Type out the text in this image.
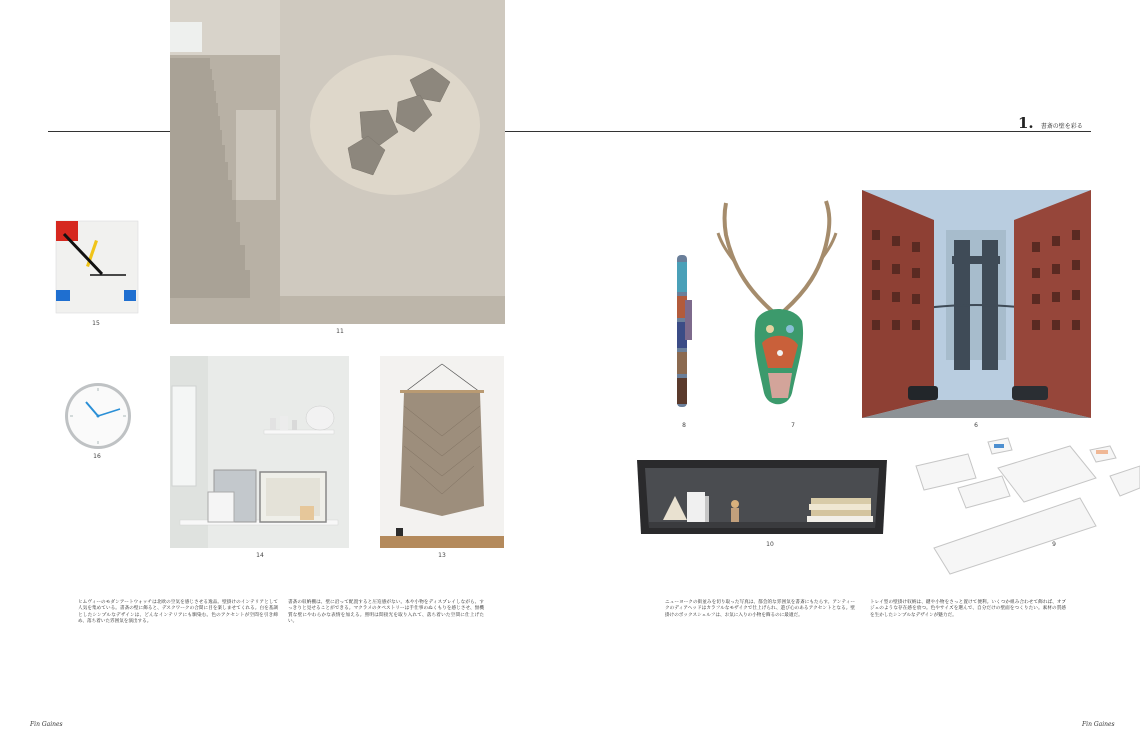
1. 書斎の壁を彩る
11
15
16
14	13
ヒムヴィーのモダンアートウォッチは北欧の空気を感じさせる逸品。壁掛けのインテリアとして人気を集めている。書斎の壁に飾ると、デスクワークの合間に目を楽しませてくれる。白を基調としたシンプルなデザインは、どんなインテリアにも馴染む。色のアクセントが空間を引き締め、落ち着いた雰囲気を演出する。
書斎の収納棚は、壁に沿って配置すると圧迫感がない。本や小物をディスプレイしながら、すっきりと見せることができる。マクラメのタペストリーは手仕事のぬくもりを感じさせ、無機質な壁にやわらかな表情を加える。照明は間接光を取り入れて、落ち着いた空間に仕上げたい。
8	7	6
10	9
ニューヨークの街並みを切り取った写真は、都会的な雰囲気を書斎にもたらす。アンティークのディアヘッドはカラフルなモザイクで仕上げられ、遊び心のあるアクセントとなる。壁掛けのボックスシェルフは、お気に入りの小物を飾るのに最適だ。
トレイ型の壁掛け収納は、鍵や小物をさっと置けて便利。いくつか組み合わせて飾れば、オブジェのような存在感を放つ。色やサイズを選んで、自分だけの壁面をつくりたい。素材の質感を生かしたシンプルなデザインが魅力だ。
Fin Gaines	Fin Gaines
